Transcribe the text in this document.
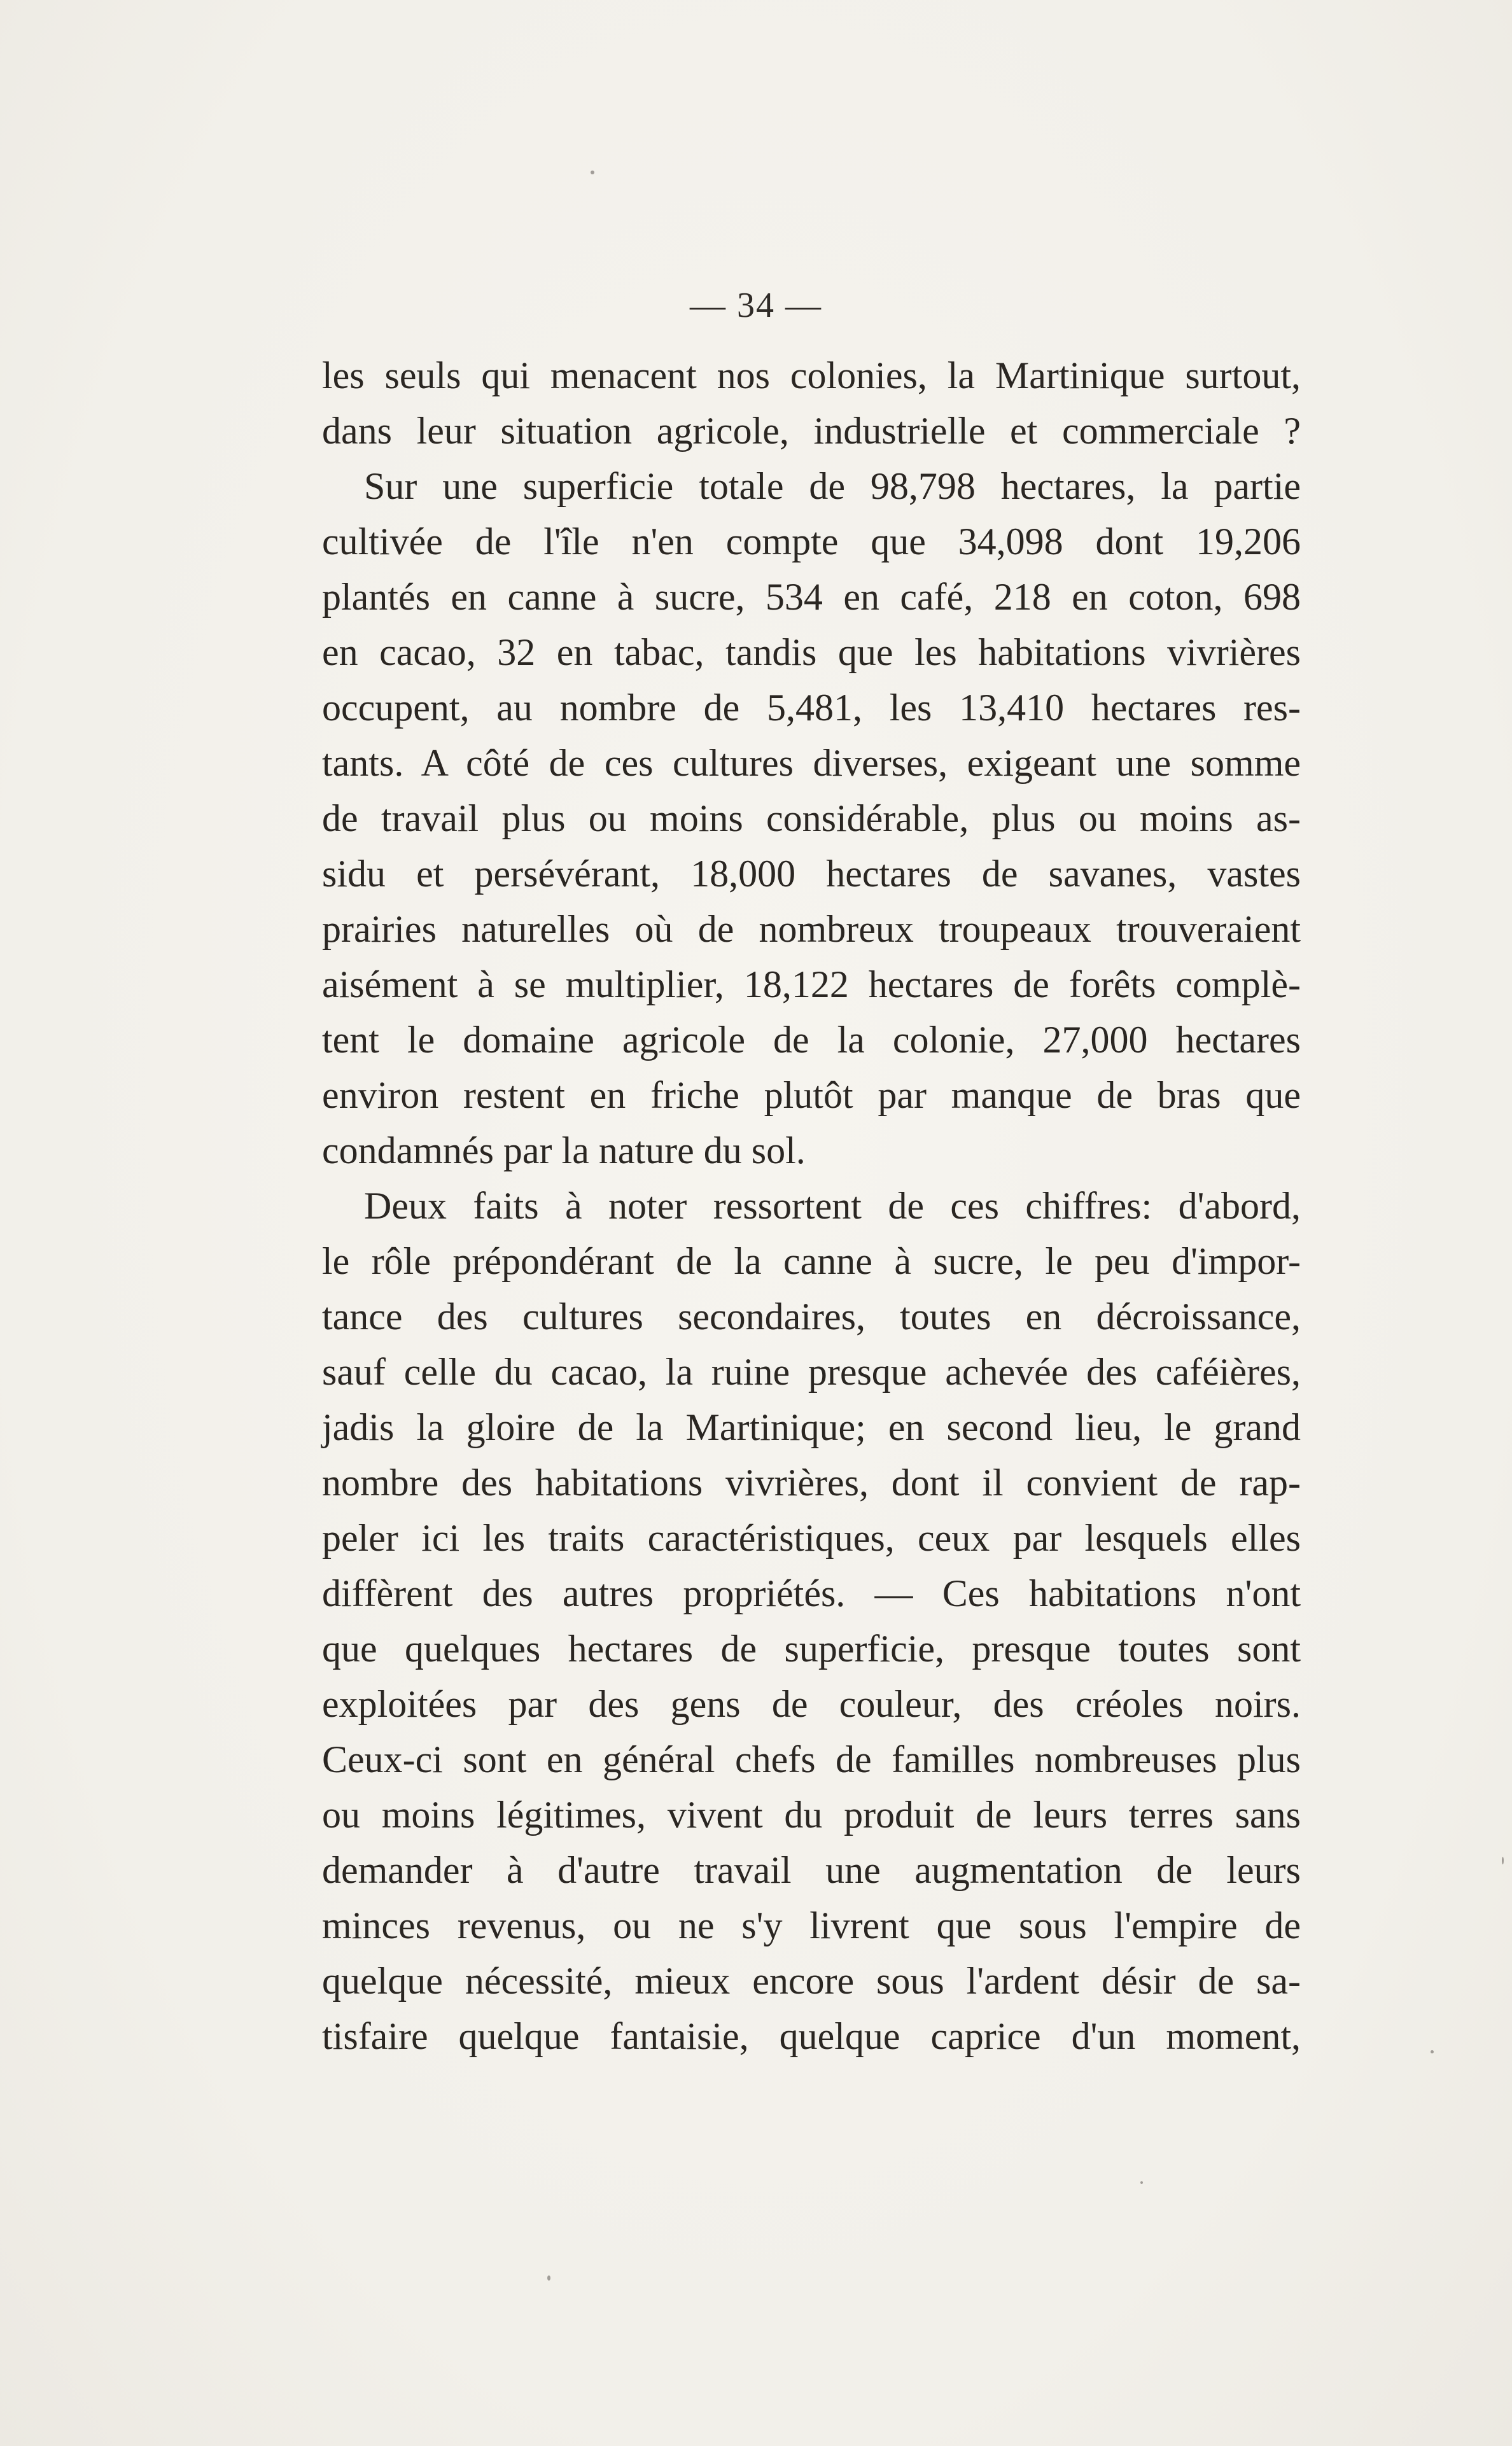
— 34 —
les seuls qui menacent nos colonies, la Martinique surtout,
dans leur situation agricole, industrielle et commerciale ?
Sur une superficie totale de 98,798 hectares, la partie
cultivée de l'île n'en compte que 34,098 dont 19,206
plantés en canne à sucre, 534 en café, 218 en coton, 698
en cacao, 32 en tabac, tandis que les habitations vivrières
occupent, au nombre de 5,481, les 13,410 hectares res-
tants. A côté de ces cultures diverses, exigeant une somme
de travail plus ou moins considérable, plus ou moins as-
sidu et persévérant, 18,000 hectares de savanes, vastes
prairies naturelles où de nombreux troupeaux trouveraient
aisément à se multiplier, 18,122 hectares de forêts complè-
tent le domaine agricole de la colonie, 27,000 hectares
environ restent en friche plutôt par manque de bras que
condamnés par la nature du sol.
Deux faits à noter ressortent de ces chiffres: d'abord,
le rôle prépondérant de la canne à sucre, le peu d'impor-
tance des cultures secondaires, toutes en décroissance,
sauf celle du cacao, la ruine presque achevée des caféières,
jadis la gloire de la Martinique; en second lieu, le grand
nombre des habitations vivrières, dont il convient de rap-
peler ici les traits caractéristiques, ceux par lesquels elles
diffèrent des autres propriétés. — Ces habitations n'ont
que quelques hectares de superficie, presque toutes sont
exploitées par des gens de couleur, des créoles noirs.
Ceux-ci sont en général chefs de familles nombreuses plus
ou moins légitimes, vivent du produit de leurs terres sans
demander à d'autre travail une augmentation de leurs
minces revenus, ou ne s'y livrent que sous l'empire de
quelque nécessité, mieux encore sous l'ardent désir de sa-
tisfaire quelque fantaisie, quelque caprice d'un moment,
